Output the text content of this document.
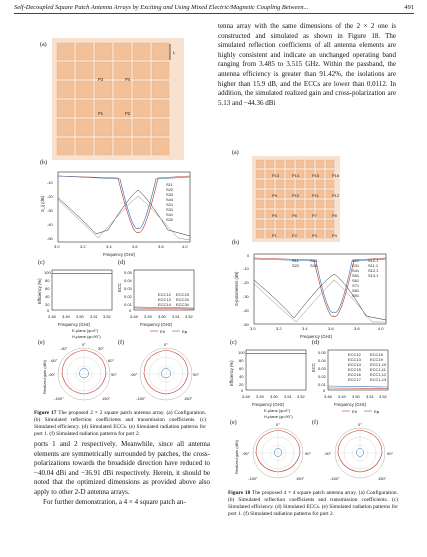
Self-Decoupled Square Patch Antenna Arrays by Exciting and Using Mixed Electric/Magnetic Coupling Between...	491
(a)
L
P3	P4
P1	P2
(b)
S_ij (dB)
Frequency (GHz)
3.0	3.2	3.4	3.6	3.8	4.0
-10
-20
-30
-40
-50
S11
S22
S33
S44
S21
S31
S41
S32
(c)
Efficiency (%)
Frequency (GHz)
100
80
60
40
20
0
3.48 3.49 3.50 3.51 3.52
(d)
ECC
Frequency (GHz)
0.05
0.04
0.03
0.02
0.01
0
3.48 3.49 3.50 3.51 3.52
ECC12
ECC13
ECC14
ECC23
ECC24
ECC34
E-plane (φ=0°)
H-plane (φ=90°)
Eθ	Eφ
(e)	(f)
Realized gain (dBi)
0°
30°
-30°
60°
-60°
90°
-90°
150°
-150°
0°
90°
-90°
150°
-150°
Figure 17 The proposed 2 × 2 square patch antenna array. (a) Configuration. (b) Simulated reflection coefficients and transmission coefficients. (c) Simulated efficiency. (d) Simulated ECCs. (e) Simulated radiation patterns for port 1. (f) Simulated radiation patterns for port 2.

ports 1 and 2 respectively. Meanwhile, since all antenna elements are symmetrically surrounded by patches, the cross-polarizations towards the broadside direction have reduced to −40.04 dBi and −36.91 dBi respectively. Herein, it should be noted that the optimized dimensions as provided above also apply to other 2-D antenna arrays.

For further demonstration, a 4 × 4 square patch an-

tenna array with the same dimensions of the 2 × 2 one is constructed and simulated as shown in Figure 18. The simulated reflection coefficients of all antenna elements are highly consistent and indicate an unchanged operating band ranging from 3.485 to 3.515 GHz. Within the passband, the antenna efficiency is greater than 91.42%, the isolations are higher than 15.9 dB, and the ECCs are lower than 0.0112. In addition, the simulated realized gain and cross-polarization are 5.13 and −44.36 dBi

(a)
P13	P14	P15	P16
P9	P10	P11	P12
P5	P6	P7	P8
P1	P2	P3	P4
(b)
S-parameters (dB)
Frequency (GHz)
3.0	3.2	3.4	3.6	3.8	4.0
0
-10
-20
-30
-40
-50
S11
S22
S33
S44
S21
S31
S41
S51
S61
S71
S81
S91
S10,1
S11,1
S12,1
S13,1
(c)
Efficiency (%)
Frequency (GHz)
100
80
60
40
20
0
3.48 3.49 3.50 3.51 3.52
(d)
ECC
Frequency (GHz)
0.05
0.04
0.03
0.02
0.01
0
3.48 3.49 3.50 3.51 3.52
ECC12
ECC13
ECC14
ECC15
ECC16
ECC17
ECC18
ECC19
ECC1,10
ECC1,11
ECC1,12
ECC1,13
E-plane (φ=0°)
H-plane (φ=90°)
Eθ	Eφ
(e)	(f)
Realized gain (dBi)
0°
90°
-90°
150°
-150°
0°
90°
-90°
150°
-150°
Figure 18 The proposed 4 × 4 square patch antenna array. (a) Configuration. (b) Simulated reflection coefficients and transmission coefficients. (c) Simulated efficiency. (d) Simulated ECCs. (e) Simulated radiation patterns for port 1. (f) Simulated radiation patterns for port 2.
